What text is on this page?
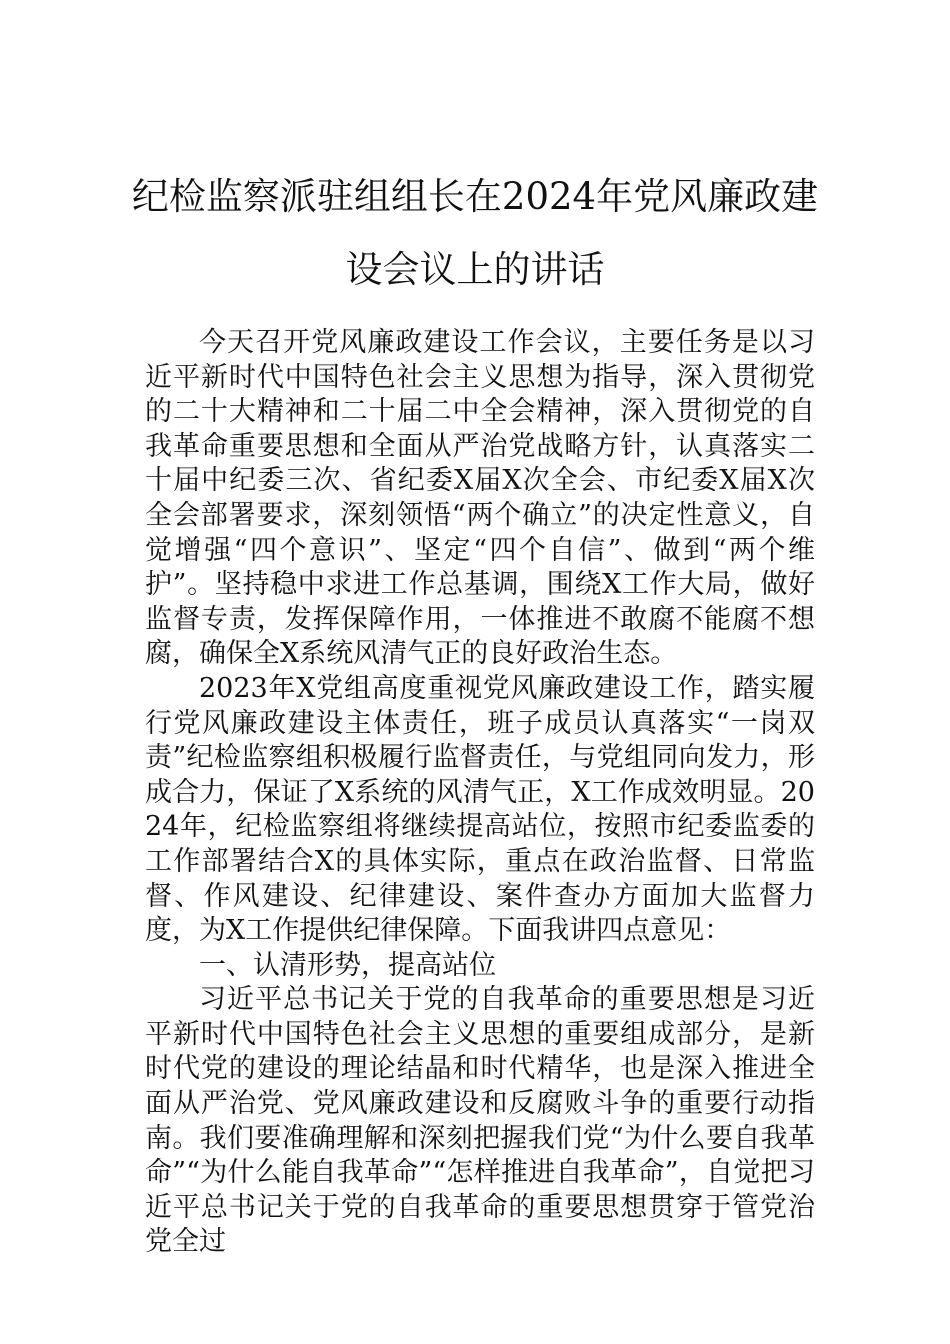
纪检监察派驻组组长在2024年党风廉政建
设会议上的讲话

今天召开党风廉政建设工作会议，主要任务是以习近平新时代中国特色社会主义思想为指导，深入贯彻党的二十大精神和二十届二中全会精神，深入贯彻党的自我革命重要思想和全面从严治党战略方针，认真落实二十届中纪委三次、省纪委X届X次全会、市纪委X届X次全会部署要求，深刻领悟“两个确立”的决定性意义，自觉增强“四个意识”、坚定“四个自信”、做到“两个维护”。坚持稳中求进工作总基调，围绕X工作大局，做好监督专责，发挥保障作用，一体推进不敢腐不能腐不想腐，确保全X系统风清气正的良好政治生态。

2023年X党组高度重视党风廉政建设工作，踏实履行党风廉政建设主体责任，班子成员认真落实“一岗双责”纪检监察组积极履行监督责任，与党组同向发力，形成合力，保证了X系统的风清气正，X工作成效明显。2024年，纪检监察组将继续提高站位，按照市纪委监委的工作部署结合X的具体实际，重点在政治监督、日常监督、作风建设、纪律建设、案件查办方面加大监督力度，为X工作提供纪律保障。下面我讲四点意见：

一、认清形势，提高站位

习近平总书记关于党的自我革命的重要思想是习近平新时代中国特色社会主义思想的重要组成部分，是新时代党的建设的理论结晶和时代精华，也是深入推进全面从严治党、党风廉政建设和反腐败斗争的重要行动指南。我们要准确理解和深刻把握我们党“为什么要自我革命”“为什么能自我革命”“怎样推进自我革命”，自觉把习近平总书记关于党的自我革命的重要思想贯穿于管党治党全过
